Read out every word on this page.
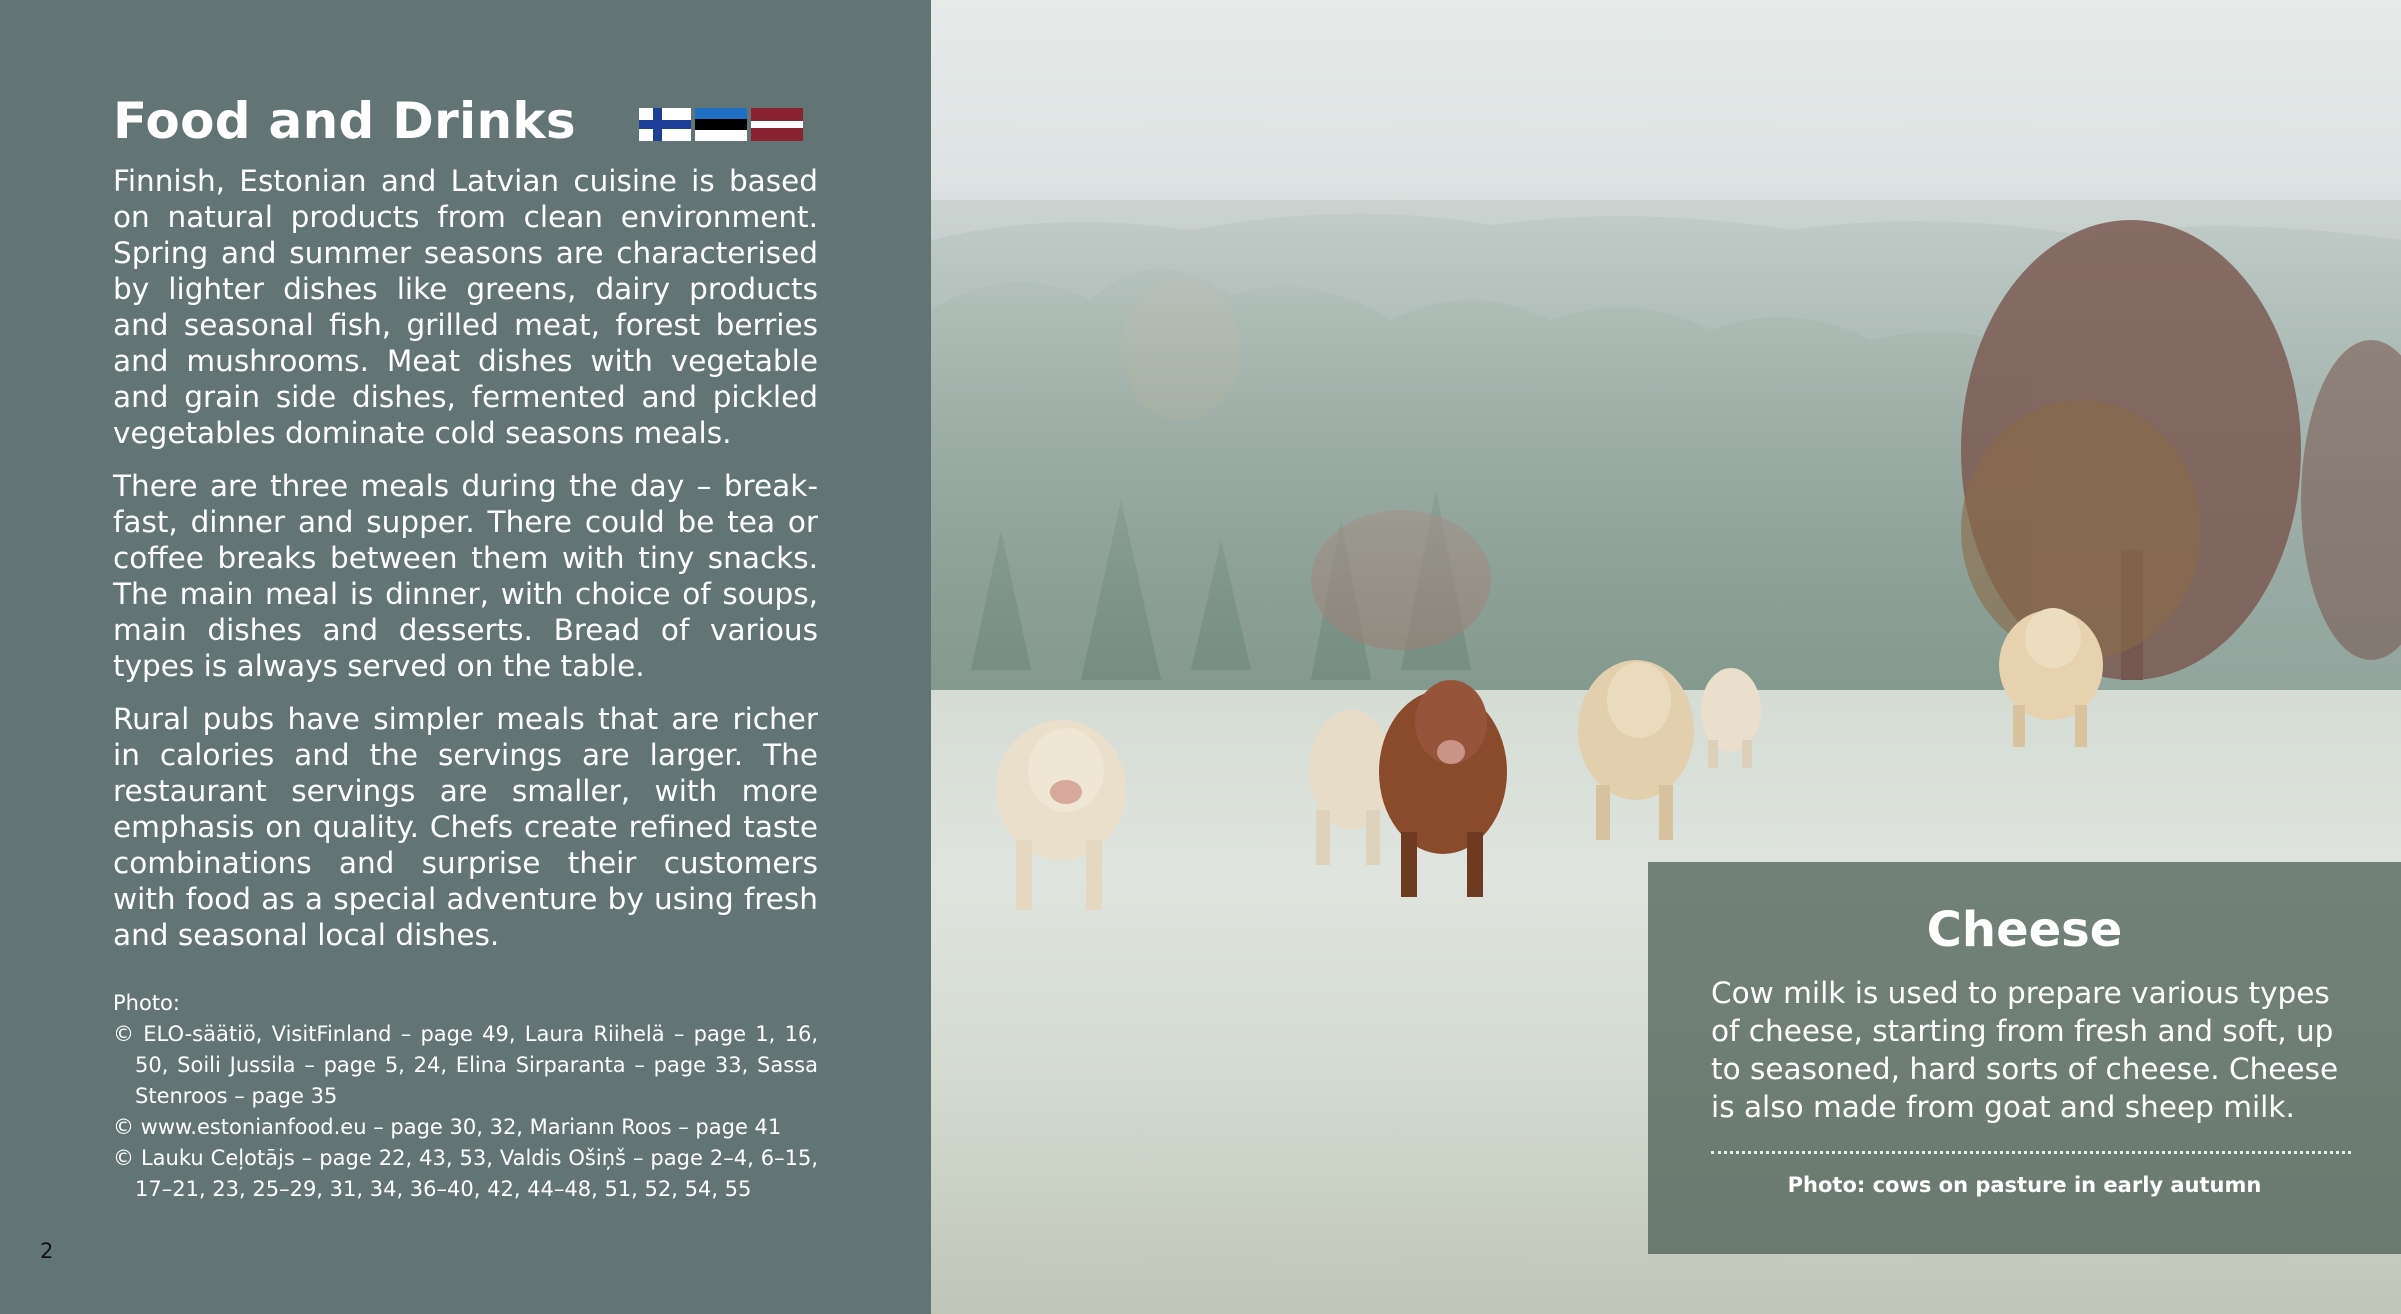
Food and Drinks

Finnish, Estonian and Latvian cuisine is based on natural products from clean environment. Spring and summer seasons are characterised by lighter dishes like greens, dairy products and seasonal fish, grilled meat, forest berries and mushrooms. Meat dishes with vegetable and grain side dishes, fermented and pickled vegetables dominate cold seasons meals.

There are three meals during the day – breakfast, dinner and supper. There could be tea or coffee breaks between them with tiny snacks. The main meal is dinner, with choice of soups, main dishes and desserts. Bread of various types is always served on the table.

Rural pubs have simpler meals that are richer in calories and the servings are larger. The restaurant servings are smaller, with more emphasis on quality. Chefs create refined taste combinations and surprise their customers with food as a special adventure by using fresh and seasonal local dishes.

Photo:

© ELO-säätiö, VisitFinland – page 49, Laura Riihelä – page 1, 16, 50, Soili Jussila – page 5, 24, Elina Sirparanta – page 33, Sassa Stenroos – page 35

© www.estonianfood.eu – page 30, 32, Mariann Roos – page 41

© Lauku Ceļotājs – page 22, 43, 53, Valdis Ošiņš – page 2–4, 6–15, 17–21, 23, 25–29, 31, 34, 36–40, 42, 44–48, 51, 52, 54, 55

2
Cheese
Cow milk is used to prepare various types of cheese, starting from fresh and soft, up to seasoned, hard sorts of cheese. Cheese is also made from goat and sheep milk.
Photo: cows on pasture in early autumn
